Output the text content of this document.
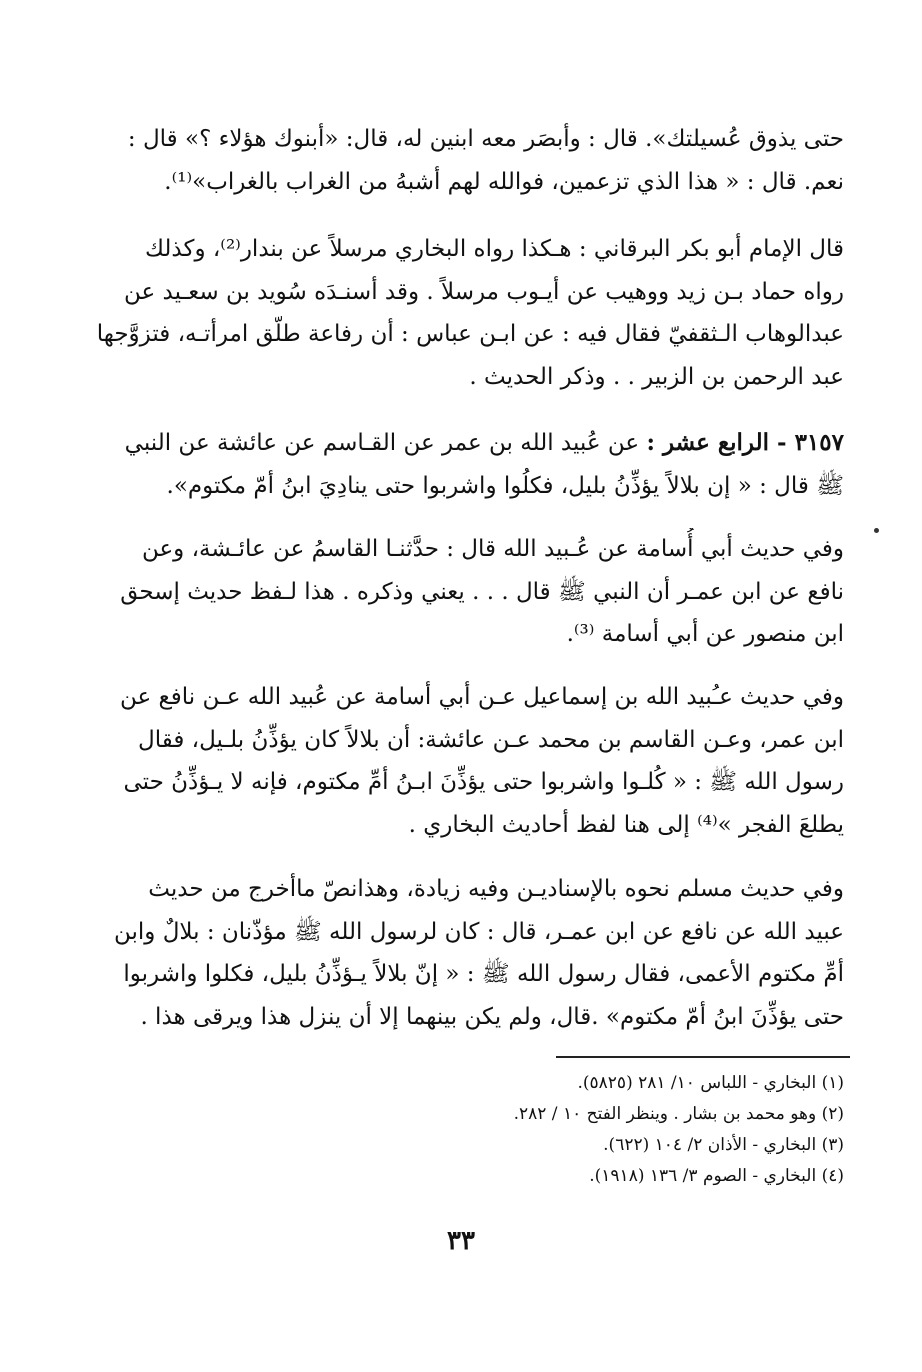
حتى يذوق عُسيلتك». قال : وأبصَر معه ابنين له، قال: «أبنوك هؤلاء ؟» قال :
نعم. قال : « هذا الذي تزعمين، فوالله لهم أشبهُ من الغراب بالغراب»⁽¹⁾.
قال الإمام أبو بكر البرقاني : هـكذا رواه البخاري مرسلاً عن بندار⁽²⁾، وكذلك
رواه حماد بـن زيد ووهيب عن أيـوب مرسلاً . وقد أسنـدَه سُويد بن سعـيد عن
عبدالوهاب الـثقفيّ فقال فيه : عن ابـن عباس : أن رفاعة طلّق امرأتـه، فتزوَّجها
عبد الرحمن بن الزبير . . وذكر الحديث .
٣١٥٧ - الرابع عشر : عن عُبيد الله بن عمر عن القـاسم عن عائشة عن النبي
ﷺ قال : « إن بلالاً يؤذِّنُ بليل، فكلُوا واشربوا حتى ينادِيَ ابنُ أمّ مكتوم».
وفي حديث أبي أُسامة عن عُـبيد الله قال : حدَّثنـا القاسمُ عن عائـشة، وعن
نافع عن ابن عمـر أن النبي ﷺ قال . . . يعني وذكره . هذا لـفظ حديث إسحق
ابن منصور عن أبي أسامة ⁽³⁾.
وفي حديث عـُبيد الله بن إسماعيل عـن أبي أسامة عن عُبيد الله عـن نافع عن
ابن عمر، وعـن القاسم بن محمد عـن عائشة: أن بلالاً كان يؤذِّنُ بلـيل، فقال
رسول الله ﷺ : « كُلـوا واشربوا حتى يؤذِّنَ ابـنُ أمِّ مكتوم، فإنه لا يـؤذِّنُ حتى
يطلعَ الفجر »⁽⁴⁾ إلى هنا لفظ أحاديث البخاري .
وفي حديث مسلم نحوه بالإسناديـن وفيه زيادة، وهذانصّ ماأخرج من حديث
عبيد الله عن نافع عن ابن عمـر، قال : كان لرسول الله ﷺ مؤذّنان : بلالٌ وابن
أمِّ مكتوم الأعمى، فقال رسول الله ﷺ : « إنّ بلالاً يـؤذِّنُ بليل، فكلوا واشربوا
حتى يؤذِّنَ ابنُ أمّ مكتوم» .قال، ولم يكن بينهما إلا أن ينزل هذا ويرقى هذا .
(١) البخاري - اللباس ١٠/ ٢٨١ (٥٨٢٥).
(٢) وهو محمد بن بشار . وينظر الفتح ١٠ / ٢٨٢.
(٣) البخاري - الأذان ٢/ ١٠٤ (٦٢٢).
(٤) البخاري - الصوم ٣/ ١٣٦ (١٩١٨).
٣٣
